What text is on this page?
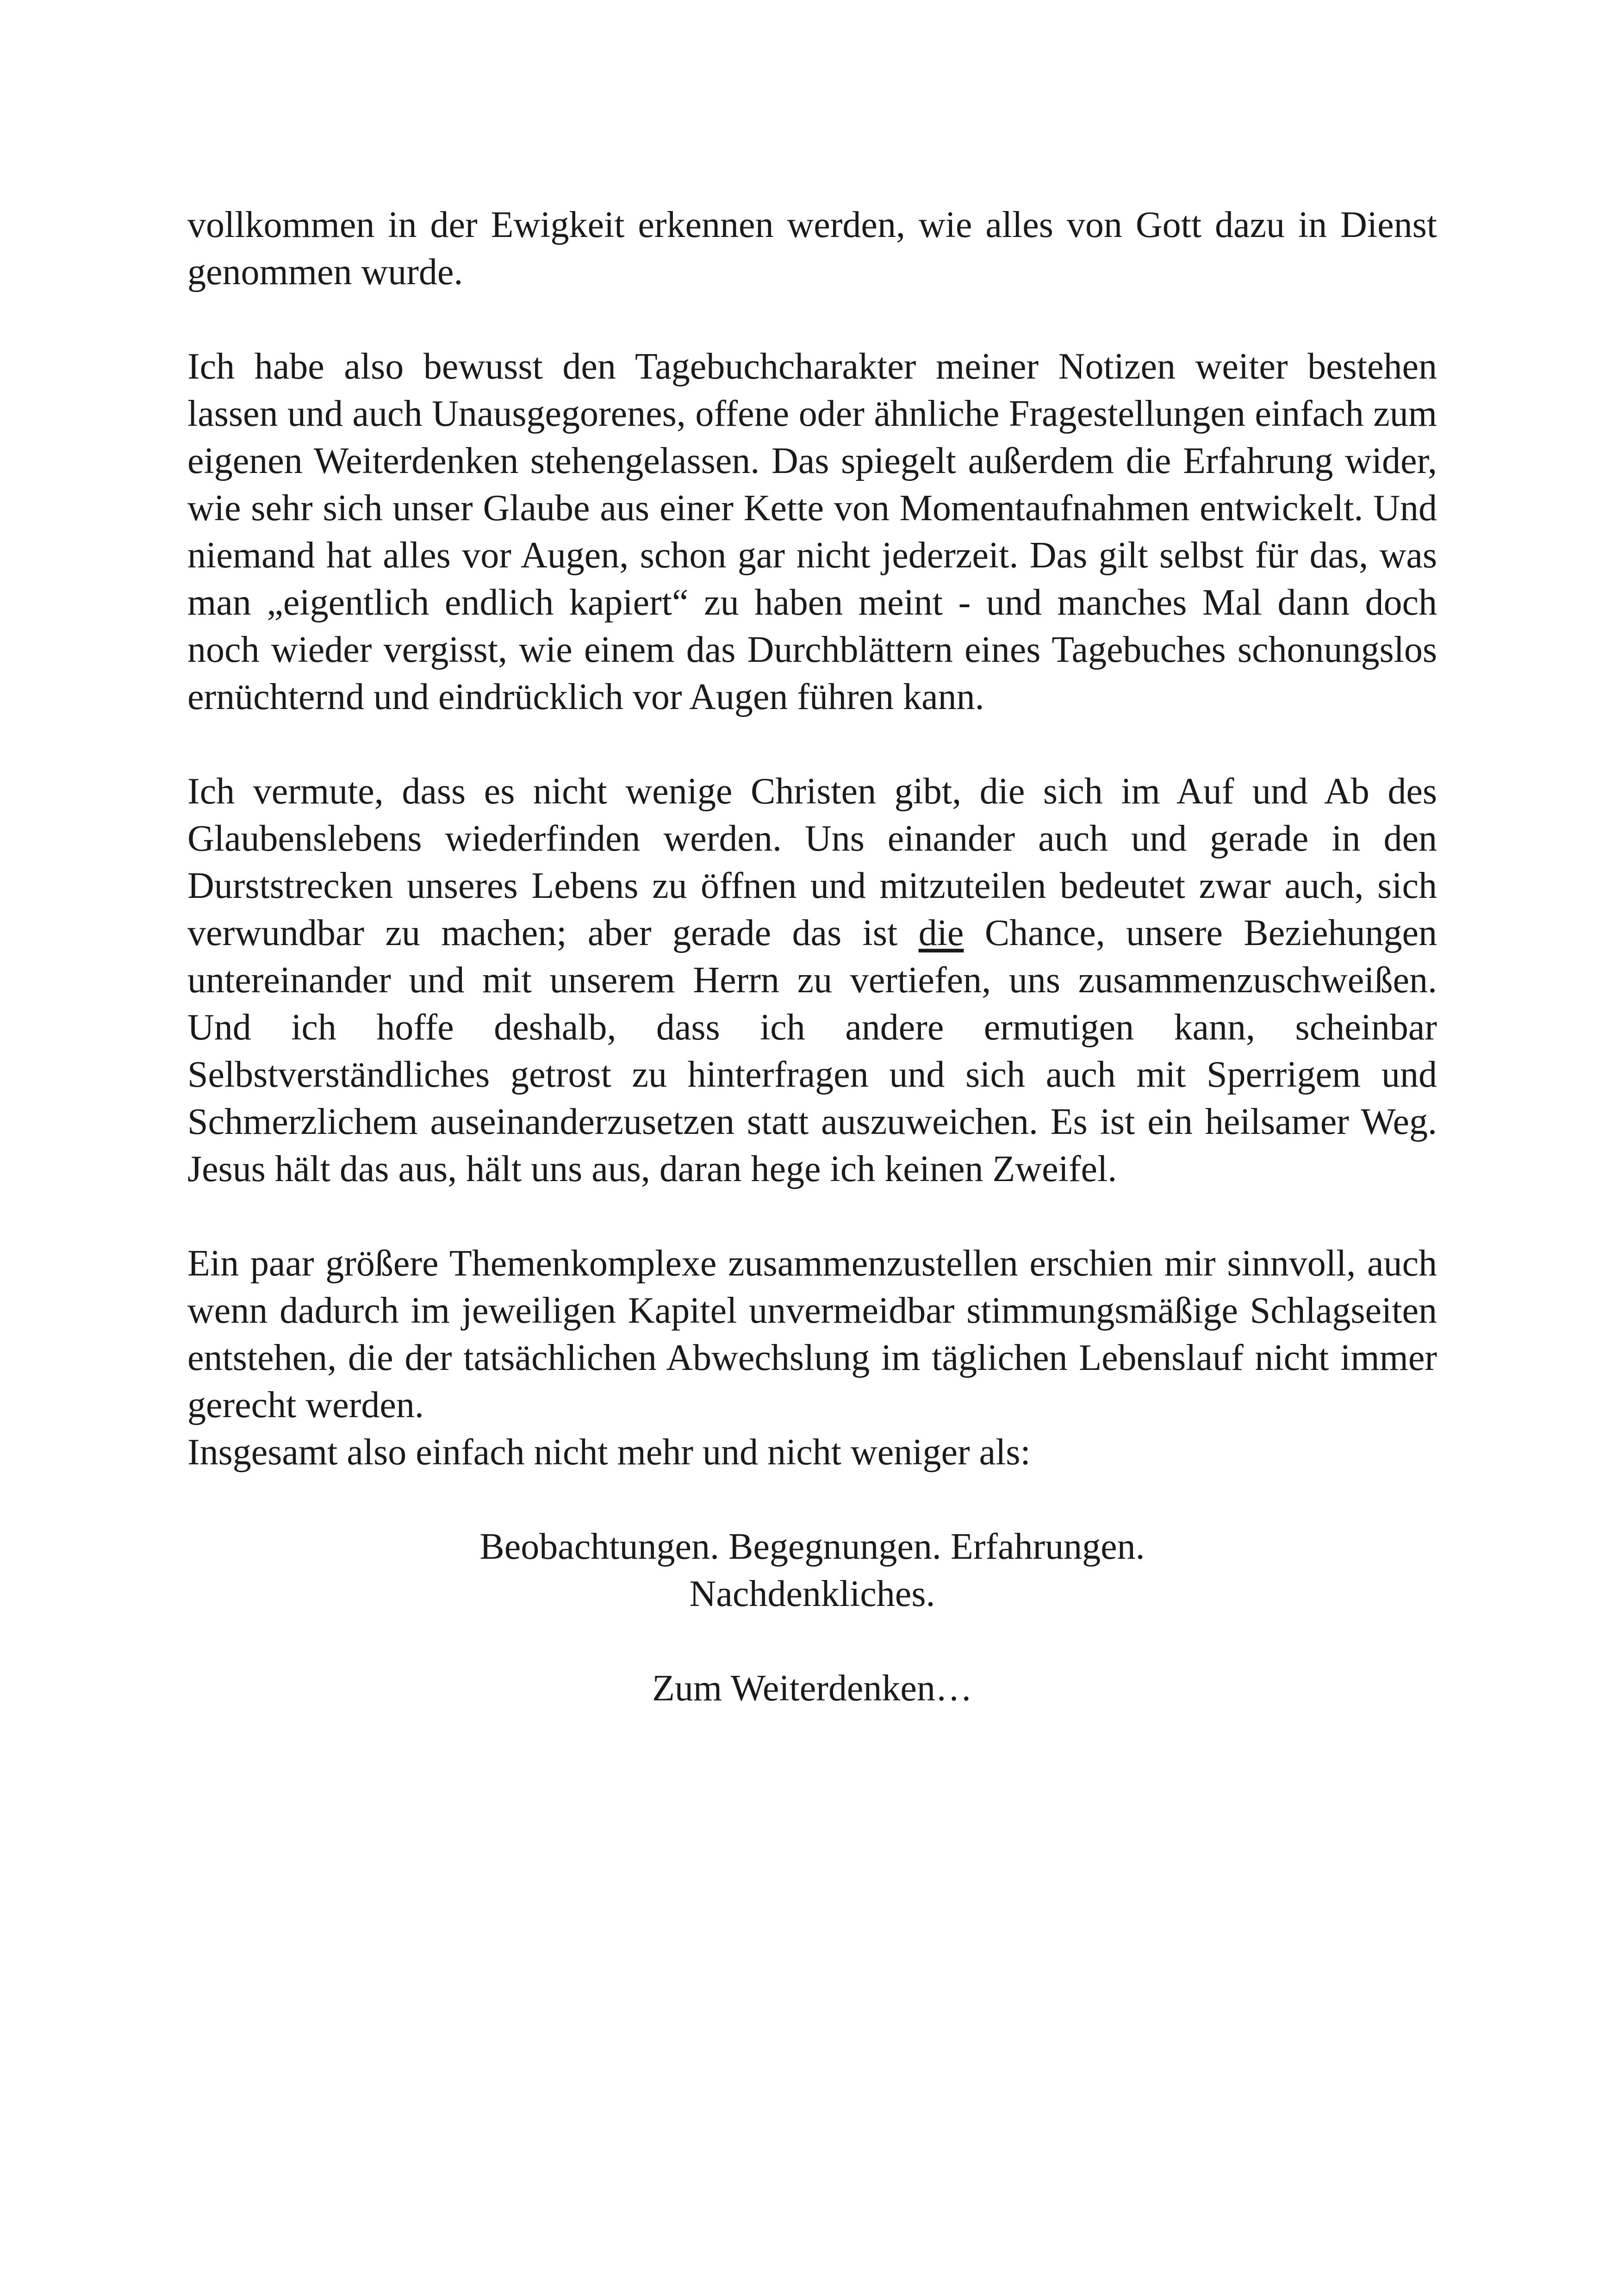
vollkommen in der Ewigkeit erkennen werden, wie alles von Gott dazu in Dienst genommen wurde.

Ich habe also bewusst den Tagebuchcharakter meiner Notizen weiter bestehen lassen und auch Unausgegorenes, offene oder ähnliche Fragestellungen einfach zum eigenen Weiterdenken stehengelassen. Das spiegelt außerdem die Erfahrung wider, wie sehr sich unser Glaube aus einer Kette von Momentaufnahmen entwickelt. Und niemand hat alles vor Augen, schon gar nicht jederzeit. Das gilt selbst für das, was man „eigentlich endlich kapiert“ zu haben meint - und manches Mal dann doch noch wieder vergisst, wie einem das Durchblättern eines Tagebuches schonungslos ernüchternd und eindrücklich vor Augen führen kann.

Ich vermute, dass es nicht wenige Christen gibt, die sich im Auf und Ab des Glaubenslebens wiederfinden werden. Uns einander auch und gerade in den Durststrecken unseres Lebens zu öffnen und mitzuteilen bedeutet zwar auch, sich verwundbar zu machen; aber gerade das ist die Chance, unsere Beziehungen untereinander und mit unserem Herrn zu vertiefen, uns zusammenzuschweißen. Und ich hoffe deshalb, dass ich andere ermutigen kann, scheinbar Selbstverständliches getrost zu hinterfragen und sich auch mit Sperrigem und Schmerzlichem auseinanderzusetzen statt auszuweichen. Es ist ein heilsamer Weg. Jesus hält das aus, hält uns aus, daran hege ich keinen Zweifel.

Ein paar größere Themenkomplexe zusammenzustellen erschien mir sinnvoll, auch wenn dadurch im jeweiligen Kapitel unvermeidbar stimmungsmäßige Schlagseiten entstehen, die der tatsächlichen Abwechslung im täglichen Lebenslauf nicht immer gerecht werden.

Insgesamt also einfach nicht mehr und nicht weniger als:

Beobachtungen. Begegnungen. Erfahrungen.

Nachdenkliches.

Zum Weiterdenken…
